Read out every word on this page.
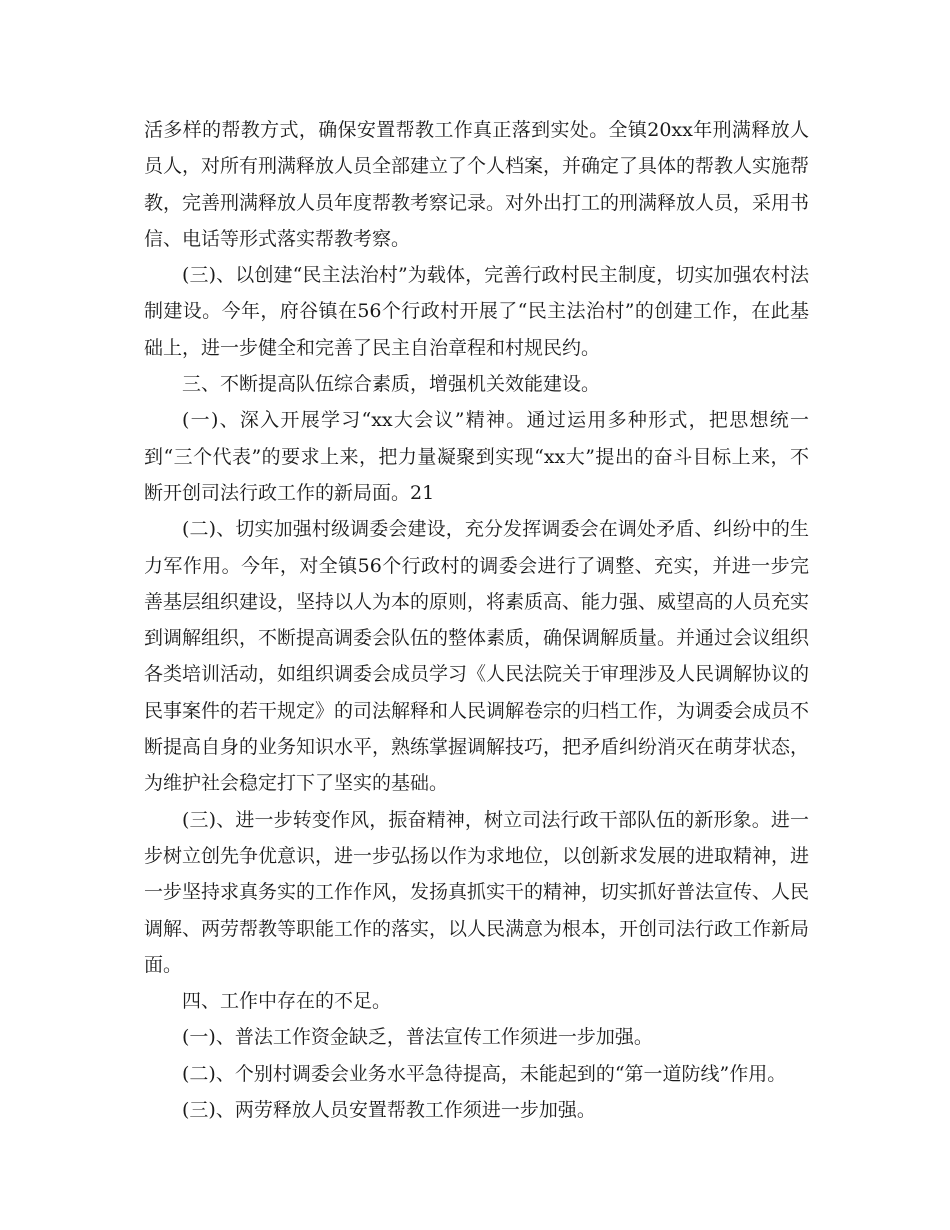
活多样的帮教方式，确保安置帮教工作真正落到实处。全镇20xx年刑满释放人员人，对所有刑满释放人员全部建立了个人档案，并确定了具体的帮教人实施帮教，完善刑满释放人员年度帮教考察记录。对外出打工的刑满释放人员，采用书信、电话等形式落实帮教考察。

(三)、以创建“民主法治村”为载体，完善行政村民主制度，切实加强农村法制建设。今年，府谷镇在56个行政村开展了“民主法治村”的创建工作，在此基础上，进一步健全和完善了民主自治章程和村规民约。

三、不断提高队伍综合素质，增强机关效能建设。

(一)、深入开展学习“xx大会议”精神。通过运用多种形式，把思想统一到“三个代表”的要求上来，把力量凝聚到实现“xx大”提出的奋斗目标上来，不断开创司法行政工作的新局面。21

(二)、切实加强村级调委会建设，充分发挥调委会在调处矛盾、纠纷中的生力军作用。今年，对全镇56个行政村的调委会进行了调整、充实，并进一步完善基层组织建设，坚持以人为本的原则，将素质高、能力强、威望高的人员充实到调解组织，不断提高调委会队伍的整体素质，确保调解质量。并通过会议组织各类培训活动，如组织调委会成员学习《人民法院关于审理涉及人民调解协议的民事案件的若干规定》的司法解释和人民调解卷宗的归档工作，为调委会成员不断提高自身的业务知识水平，熟练掌握调解技巧，把矛盾纠纷消灭在萌芽状态，为维护社会稳定打下了坚实的基础。

(三)、进一步转变作风，振奋精神，树立司法行政干部队伍的新形象。进一步树立创先争优意识，进一步弘扬以作为求地位，以创新求发展的进取精神，进一步坚持求真务实的工作作风，发扬真抓实干的精神，切实抓好普法宣传、人民调解、两劳帮教等职能工作的落实，以人民满意为根本，开创司法行政工作新局面。

四、工作中存在的不足。

(一)、普法工作资金缺乏，普法宣传工作须进一步加强。

(二)、个别村调委会业务水平急待提高，未能起到的“第一道防线”作用。

(三)、两劳释放人员安置帮教工作须进一步加强。
